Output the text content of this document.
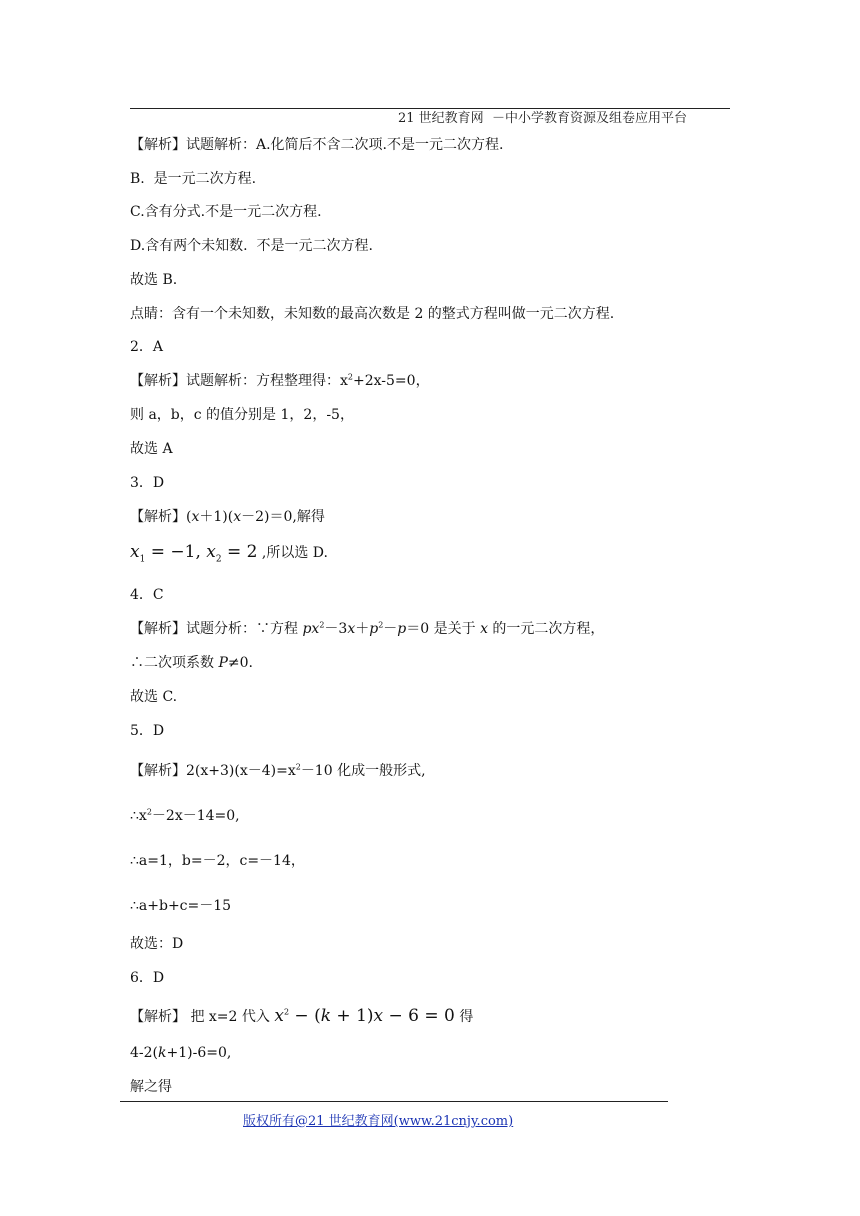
21 世纪教育网  －中小学教育资源及组卷应用平台
【解析】试题解析：A.化简后不含二次项.不是一元二次方程.
B.  是一元二次方程.
C.含有分式.不是一元二次方程.
D.含有两个未知数.  不是一元二次方程.
故选 B.
点睛：含有一个未知数，未知数的最高次数是 2 的整式方程叫做一元二次方程.
2．A
【解析】试题解析：方程整理得：$x^2+2x-5=0$，
则 a，b，c 的值分别是 1，2，-5，
故选 A
3．D
【解析】(x＋1)(x－2)＝0,解得
$x_1 = -1$, $x_2 = 2$ ,所以选 D.
4．C
【解析】试题分析：∵方程 $px^2-3x+p^2-p=0$ 是关于 x 的一元二次方程，
∴二次项系数 P≠0.
故选 C.
5．D
【解析】$2(x+3)(x-4)=x^2-10$ 化成一般形式,
$\therefore x^2-2x-14=0$,
∴a=1，b=－2，c=－14，
∴a+b+c=－15
故选：D
6．D
【解析】 把 x=2 代入 $x^2 - (k + 1)x - 6 = 0$ 得
4-2(k+1)-6=0,
解之得
版权所有@21 世纪教育网(www.21cnjy.com)
